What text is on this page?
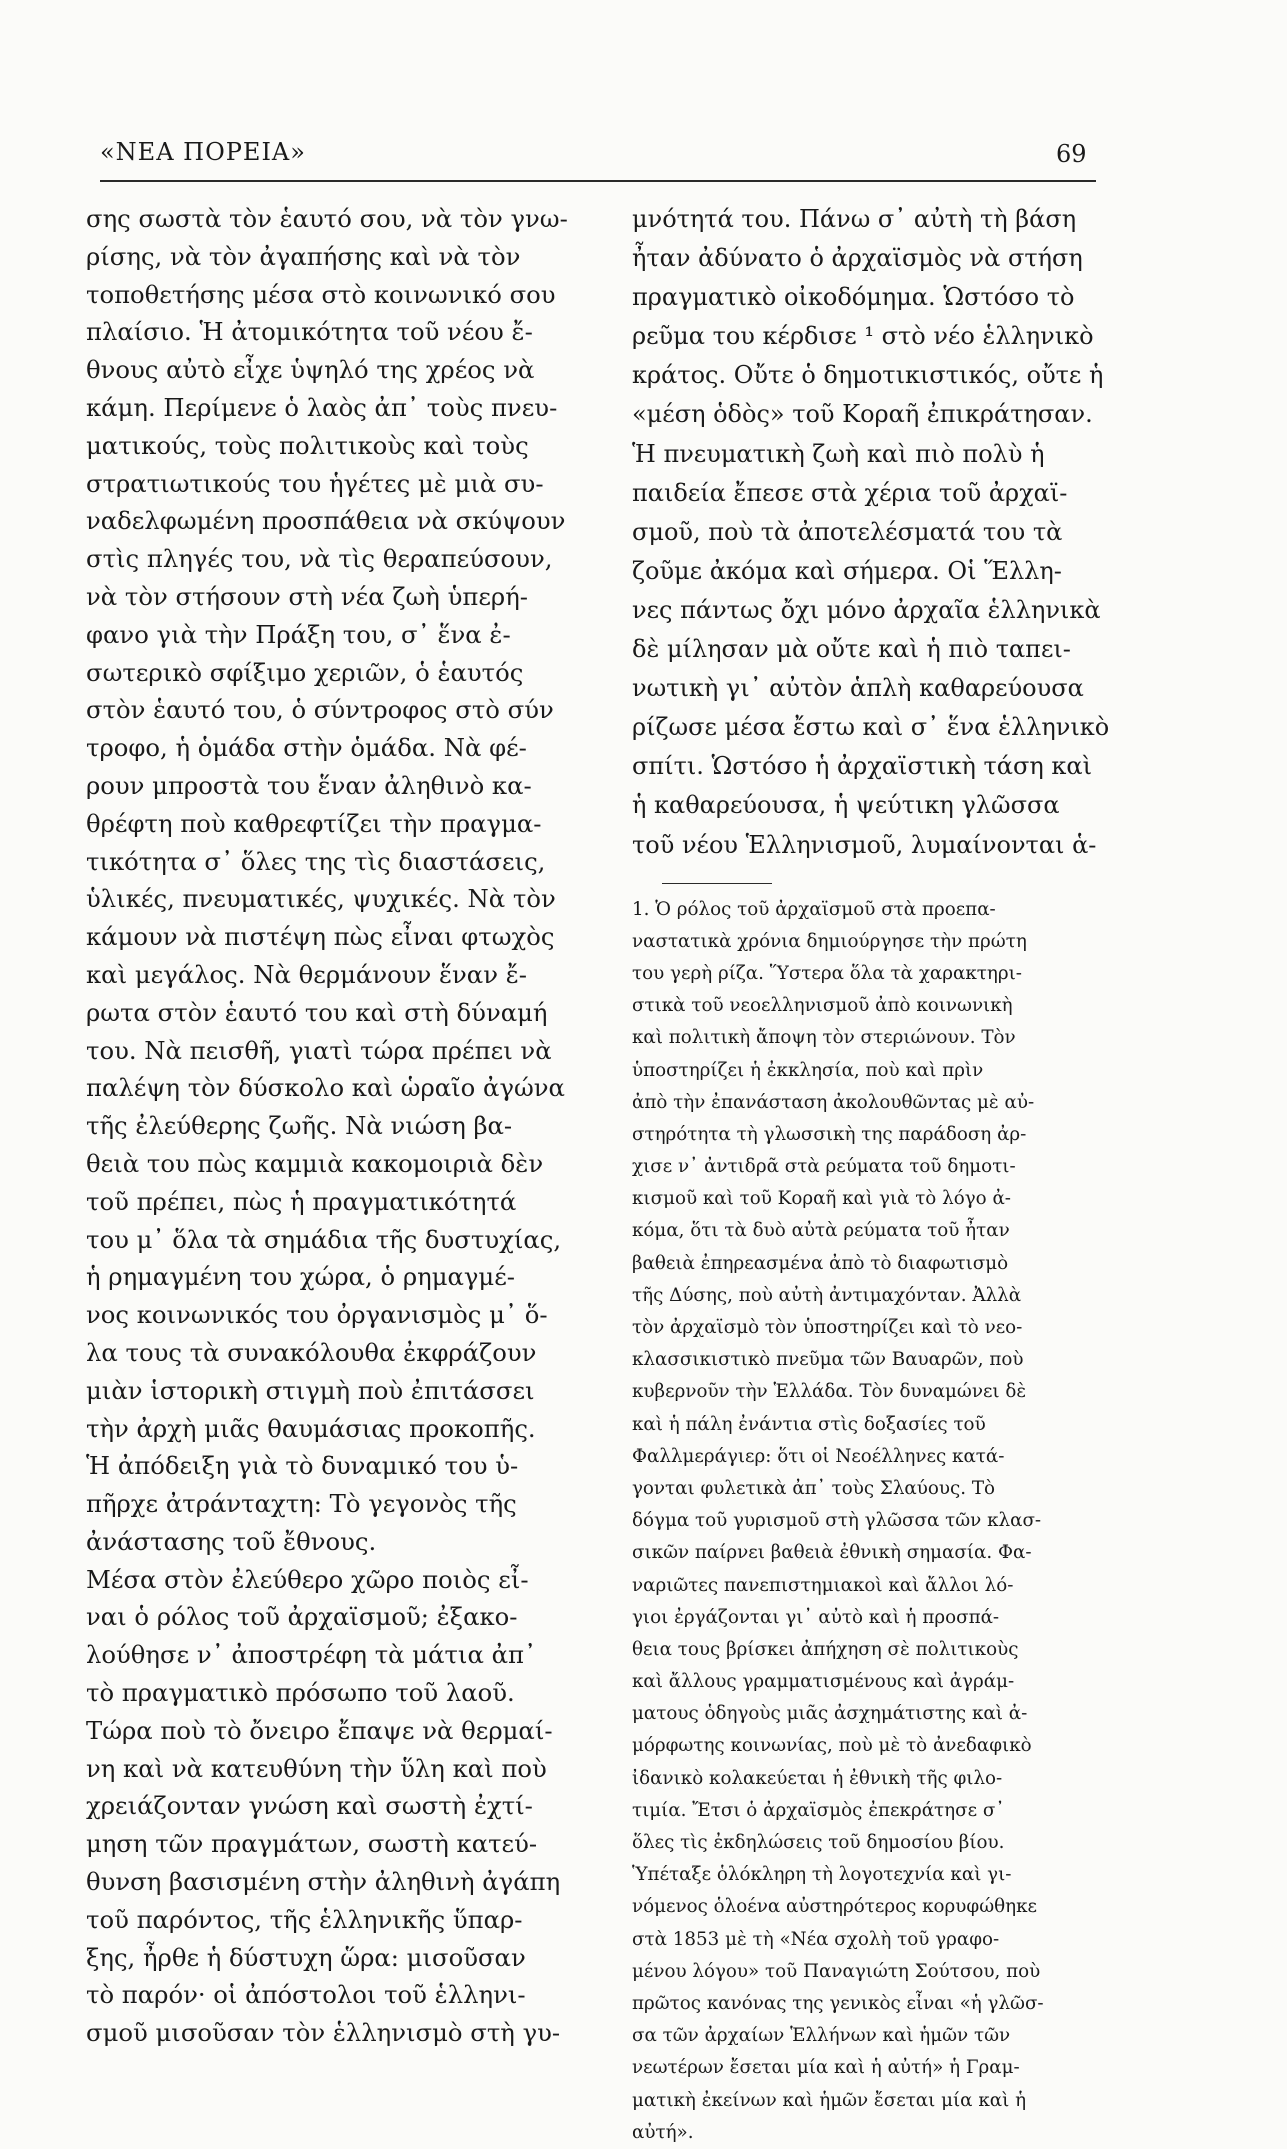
«ΝΕΑ ΠΟΡΕΙΑ»	69
σης σωστὰ τὸν ἑαυτό σου, νὰ τὸν γνω-
ρίσης, νὰ τὸν ἀγαπήσης καὶ νὰ τὸν
τοποθετήσης μέσα στὸ κοινωνικό σου
πλαίσιο. Ἡ ἀτομικότητα τοῦ νέου ἔ-
θνους αὐτὸ εἶχε ὑψηλό της χρέος νὰ
κάμη. Περίμενε ὁ λαὸς ἀπ᾽ τοὺς πνευ-
ματικούς, τοὺς πολιτικοὺς καὶ τοὺς
στρατιωτικούς του ἡγέτες μὲ μιὰ συ-
ναδελφωμένη προσπάθεια νὰ σκύψουν
στὶς πληγές του, νὰ τὶς θεραπεύσουν,
νὰ τὸν στήσουν στὴ νέα ζωὴ ὑπερή-
φανο γιὰ τὴν Πράξη του, σ᾽ ἕνα ἐ-
σωτερικὸ σφίξιμο χεριῶν, ὁ ἑαυτός
στὸν ἑαυτό του, ὁ σύντροφος στὸ σύν
τροφο, ἡ ὁμάδα στὴν ὁμάδα. Νὰ φέ-
ρουν μπροστὰ του ἕναν ἀληθινὸ κα-
θρέφτη ποὺ καθρεφτίζει τὴν πραγμα-
τικότητα σ᾽ ὅλες της τὶς διαστάσεις,
ὑλικές, πνευματικές, ψυχικές. Νὰ τὸν
κάμουν νὰ πιστέψη πὼς εἶναι φτωχὸς
καὶ μεγάλος. Νὰ θερμάνουν ἕναν ἔ-
ρωτα στὸν ἑαυτό του καὶ στὴ δύναμή
του. Νὰ πεισθῆ, γιατὶ τώρα πρέπει νὰ
παλέψη τὸν δύσκολο καὶ ὡραῖο ἀγώνα
τῆς ἐλεύθερης ζωῆς. Νὰ νιώση βα-
θειὰ του πὼς καμμιὰ κακομοιριὰ δὲν
τοῦ πρέπει, πὼς ἡ πραγματικότητά
του μ᾽ ὅλα τὰ σημάδια τῆς δυστυχίας,
ἡ ρημαγμένη του χώρα, ὁ ρημαγμέ-
νος κοινωνικός του ὀργανισμὸς μ᾽ ὅ-
λα τους τὰ συνακόλουθα ἐκφράζουν
μιὰν ἱστορικὴ στιγμὴ ποὺ ἐπιτάσσει
τὴν ἀρχὴ μιᾶς θαυμάσιας προκοπῆς.
Ἡ ἀπόδειξη γιὰ τὸ δυναμικό του ὑ-
πῆρχε ἀτράνταχτη: Τὸ γεγονὸς τῆς
ἀνάστασης τοῦ ἔθνους.
Μέσα στὸν ἐλεύθερο χῶρο ποιὸς εἶ-
ναι ὁ ρόλος τοῦ ἀρχαϊσμοῦ; ἐξακο-
λούθησε ν᾽ ἀποστρέφη τὰ μάτια ἀπ᾽
τὸ πραγματικὸ πρόσωπο τοῦ λαοῦ.
Τώρα ποὺ τὸ ὄνειρο ἔπαψε νὰ θερμαί-
νη καὶ νὰ κατευθύνη τὴν ὕλη καὶ ποὺ
χρειάζονταν γνώση καὶ σωστὴ ἐχτί-
μηση τῶν πραγμάτων, σωστὴ κατεύ-
θυνση βασισμένη στὴν ἀληθινὴ ἀγάπη
τοῦ παρόντος, τῆς ἑλληνικῆς ὕπαρ-
ξης, ἦρθε ἡ δύστυχη ὥρα: μισοῦσαν
τὸ παρόν· οἱ ἀπόστολοι τοῦ ἑλληνι-
σμοῦ μισοῦσαν τὸν ἑλληνισμὸ στὴ γυ-
μνότητά του. Πάνω σ᾽ αὐτὴ τὴ βάση
ἦταν ἀδύνατο ὁ ἀρχαϊσμὸς νὰ στήση
πραγματικὸ οἰκοδόμημα. Ὡστόσο τὸ
ρεῦμα του κέρδισε ¹ στὸ νέο ἑλληνικὸ
κράτος. Οὔτε ὁ δημοτικιστικός, οὔτε ἡ
«μέση ὁδὸς» τοῦ Κοραῆ ἐπικράτησαν.
Ἡ πνευματικὴ ζωὴ καὶ πιὸ πολὺ ἡ
παιδεία ἔπεσε στὰ χέρια τοῦ ἀρχαϊ-
σμοῦ, ποὺ τὰ ἀποτελέσματά του τὰ
ζοῦμε ἀκόμα καὶ σήμερα. Οἱ Ἕλλη-
νες πάντως ὄχι μόνο ἀρχαῖα ἑλληνικὰ
δὲ μίλησαν μὰ οὔτε καὶ ἡ πιὸ ταπει-
νωτικὴ γι᾽ αὐτὸν ἁπλὴ καθαρεύουσα
ρίζωσε μέσα ἔστω καὶ σ᾽ ἕνα ἑλληνικὸ
σπίτι. Ὡστόσο ἡ ἀρχαϊστικὴ τάση καὶ
ἡ καθαρεύουσα, ἡ ψεύτικη γλῶσσα
τοῦ νέου Ἑλληνισμοῦ, λυμαίνονται ἁ-
1. Ὁ ρόλος τοῦ ἀρχαϊσμοῦ στὰ προεπα-
ναστατικὰ χρόνια δημιούργησε τὴν πρώτη
του γερὴ ρίζα. Ὕστερα ὅλα τὰ χαρακτηρι-
στικὰ τοῦ νεοελληνισμοῦ ἀπὸ κοινωνικὴ
καὶ πολιτικὴ ἄποψη τὸν στεριώνουν. Τὸν
ὑποστηρίζει ἡ ἐκκλησία, ποὺ καὶ πρὶν
ἀπὸ τὴν ἐπανάσταση ἀκολουθῶντας μὲ αὐ-
στηρότητα τὴ γλωσσικὴ της παράδοση ἀρ-
χισε ν᾽ ἀντιδρᾶ στὰ ρεύματα τοῦ δημοτι-
κισμοῦ καὶ τοῦ Κοραῆ καὶ γιὰ τὸ λόγο ἀ-
κόμα, ὅτι τὰ δυὸ αὐτὰ ρεύματα τοῦ ἦταν
βαθειὰ ἐπηρεασμένα ἀπὸ τὸ διαφωτισμὸ
τῆς Δύσης, ποὺ αὐτὴ ἀντιμαχόνταν. Ἀλλὰ
τὸν ἀρχαϊσμὸ τὸν ὑποστηρίζει καὶ τὸ νεο-
κλασσικιστικὸ πνεῦμα τῶν Βαυαρῶν, ποὺ
κυβερνοῦν τὴν Ἑλλάδα. Τὸν δυναμώνει δὲ
καὶ ἡ πάλη ἐνάντια στὶς δοξασίες τοῦ
Φαλλμεράγιερ: ὅτι οἱ Νεοέλληνες κατά-
γονται φυλετικὰ ἀπ᾽ τοὺς Σλαύους. Τὸ
δόγμα τοῦ γυρισμοῦ στὴ γλῶσσα τῶν κλασ-
σικῶν παίρνει βαθειὰ ἐθνικὴ σημασία. Φα-
ναριῶτες πανεπιστημιακοὶ καὶ ἄλλοι λό-
γιοι ἐργάζονται γι᾽ αὐτὸ καὶ ἡ προσπά-
θεια τους βρίσκει ἀπήχηση σὲ πολιτικοὺς
καὶ ἄλλους γραμματισμένους καὶ ἀγράμ-
ματους ὁδηγοὺς μιᾶς ἀσχημάτιστης καὶ ἀ-
μόρφωτης κοινωνίας, ποὺ μὲ τὸ ἀνεδαφικὸ
ἰδανικὸ κολακεύεται ἡ ἐθνικὴ τῆς φιλο-
τιμία. Ἔτσι ὁ ἀρχαϊσμὸς ἐπεκράτησε σ᾽
ὅλες τὶς ἐκδηλώσεις τοῦ δημοσίου βίου.
Ὑπέταξε ὁλόκληρη τὴ λογοτεχνία καὶ γι-
νόμενος ὁλοένα αὐστηρότερος κορυφώθηκε
στὰ 1853 μὲ τὴ «Νέα σχολὴ τοῦ γραφο-
μένου λόγου» τοῦ Παναγιώτη Σούτσου, ποὺ
πρῶτος κανόνας της γενικὸς εἶναι «ἡ γλῶσ-
σα τῶν ἀρχαίων Ἑλλήνων καὶ ἡμῶν τῶν
νεωτέρων ἔσεται μία καὶ ἡ αὐτή» ἡ Γραμ-
ματικὴ ἐκείνων καὶ ἡμῶν ἔσεται μία καὶ ἡ
αὐτή».
